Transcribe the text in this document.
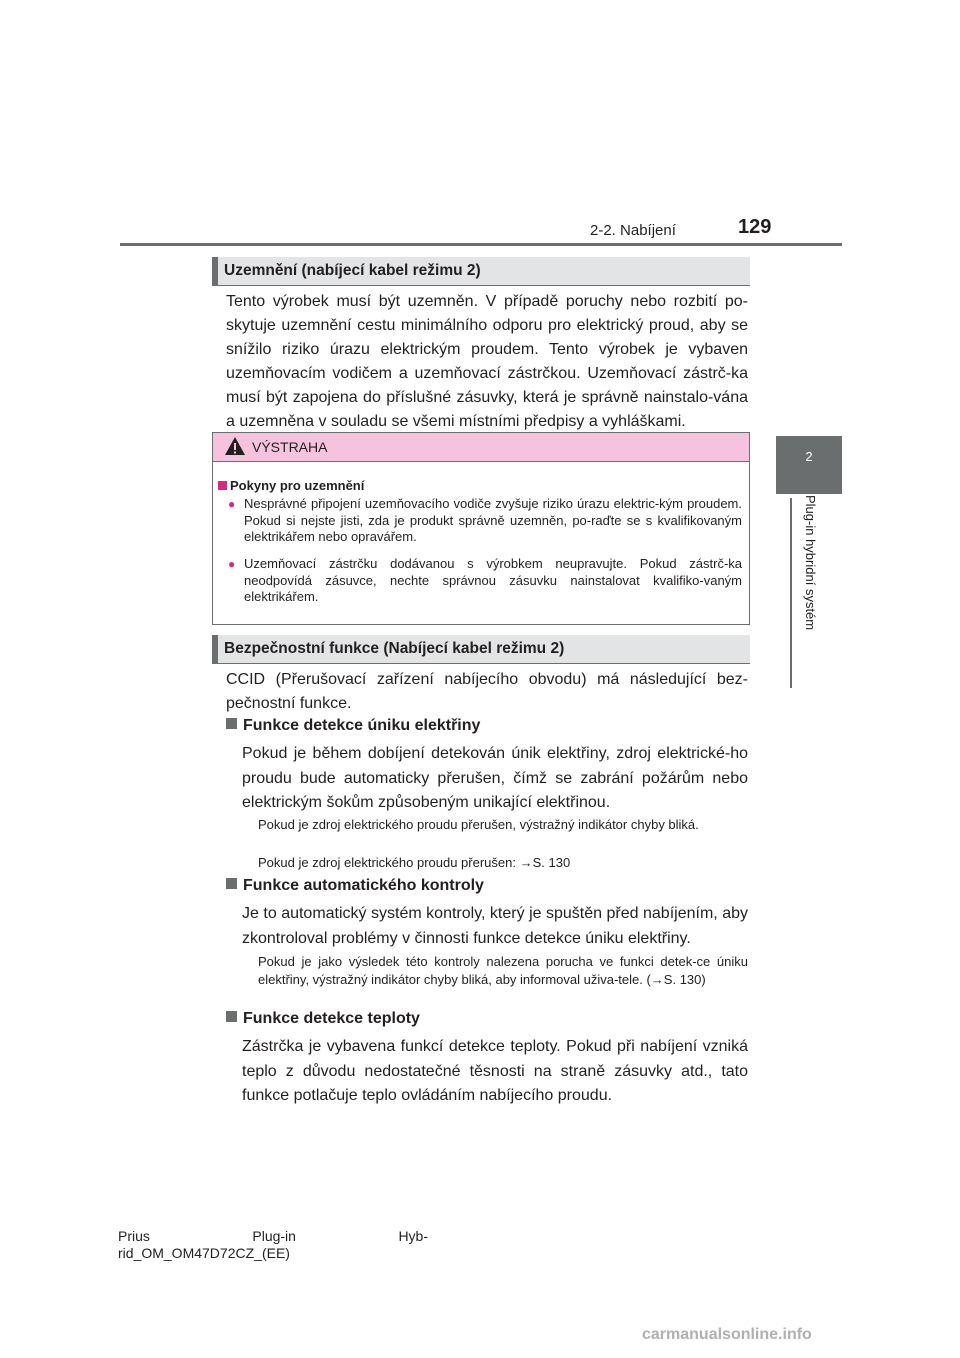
2-2. Nabíjení	129
2
Plug-in hybridní systém
Uzemnění (nabíjecí kabel režimu 2)
Tento výrobek musí být uzemněn. V případě poruchy nebo rozbití po-skytuje uzemnění cestu minimálního odporu pro elektrický proud, aby se snížilo riziko úrazu elektrickým proudem. Tento výrobek je vybaven uzemňovacím vodičem a uzemňovací zástrčkou. Uzemňovací zástrč-ka musí být zapojena do příslušné zásuvky, která je správně nainstalo-vána a uzemněna v souladu se všemi místními předpisy a vyhláškami.
VÝSTRAHA
Pokyny pro uzemnění
● Nesprávné připojení uzemňovacího vodiče zvyšuje riziko úrazu elektric-kým proudem. Pokud si nejste jisti, zda je produkt správně uzemněn, po-raďte se s kvalifikovaným elektrikářem nebo opravářem.
● Uzemňovací zástrčku dodávanou s výrobkem neupravujte. Pokud zástrč-ka neodpovídá zásuvce, nechte správnou zásuvku nainstalovat kvalifiko-vaným elektrikářem.
Bezpečnostní funkce (Nabíjecí kabel režimu 2)
CCID (Přerušovací zařízení nabíjecího obvodu) má následující bez-pečnostní funkce.
Funkce detekce úniku elektřiny
Pokud je během dobíjení detekován únik elektřiny, zdroj elektrické-ho proudu bude automaticky přerušen, čímž se zabrání požárům nebo elektrickým šokům způsobeným unikající elektřinou.
Pokud je zdroj elektrického proudu přerušen, výstražný indikátor chyby bliká.
Pokud je zdroj elektrického proudu přerušen: →S. 130
Funkce automatického kontroly
Je to automatický systém kontroly, který je spuštěn před nabíjením, aby zkontroloval problémy v činnosti funkce detekce úniku elektřiny.
Pokud je jako výsledek této kontroly nalezena porucha ve funkci detek-ce úniku elektřiny, výstražný indikátor chyby bliká, aby informoval uživa-tele. (→S. 130)
Funkce detekce teploty
Zástrčka je vybavena funkcí detekce teploty. Pokud při nabíjení vzniká teplo z důvodu nedostatečné těsnosti na straně zásuvky atd., tato funkce potlačuje teplo ovládáním nabíjecího proudu.
Prius	Plug-in	Hyb-
rid_OM_OM47D72CZ_(EE)
carmanualsonline.info
